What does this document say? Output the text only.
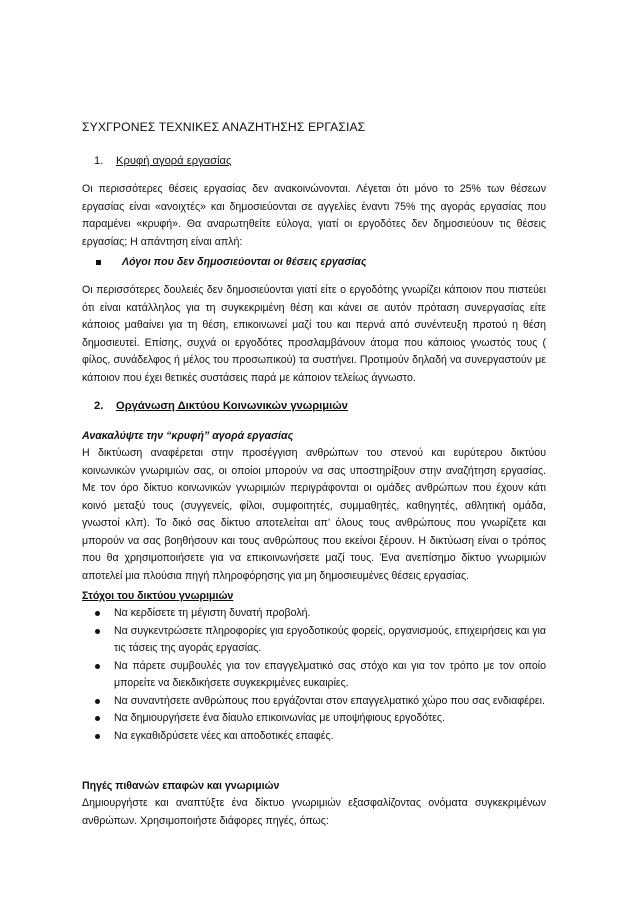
ΣΥΧΓΡΟΝΕΣ ΤΕΧΝΙΚΕΣ ΑΝΑΖΗΤΗΣΗΣ ΕΡΓΑΣΙΑΣ
1. Κρυφή αγορά εργασίας

Οι περισσότερες θέσεις εργασίας δεν ανακοινώνονται. Λέγεται ότι μόνο το 25% των θέσεων εργασίας είναι «ανοιχτές» και δημοσιεύονται σε αγγελίες έναντι 75% της αγοράς εργασίας που παραμένει «κρυφή». Θα αναρωτηθείτε εύλογα, γιατί οι εργοδότες δεν δημοσιεύουν τις θέσεις εργασίας; Η απάντηση είναι απλή:

Λόγοι που δεν δημοσιεύονται οι θέσεις εργασίας

Οι περισσότερες δουλειές δεν δημοσιεύονται γιατί είτε ο εργοδότης γνωρίζει κάποιον που πιστεύει ότι είναι κατάλληλος για τη συγκεκριμένη θέση και κάνει σε αυτόν πρόταση συνεργασίας είτε κάποιος μαθαίνει για τη θέση, επικοινωνεί μαζί του και περνά από συνέντευξη προτού η θέση δημοσιευτεί. Επίσης, συχνά οι εργοδότες προσλαμβάνουν άτομα που κάποιος γνωστός τους ( φίλος, συνάδελφος ή μέλος του προσωπικού) τα συστήνει. Προτιμούν δηλαδή να συνεργαστούν με κάποιον που έχει θετικές συστάσεις παρά με κάποιον τελείως άγνωστο.

2. Οργάνωση Δικτύου Κοινωνικών γνωριμιών
Ανακαλύψτε την “κρυφή” αγορά εργασίας

Η δικτύωση αναφέρεται στην προσέγγιση ανθρώπων του στενού και ευρύτερου δικτύου κοινωνικών γνωριμιών σας, οι οποίοι μπορούν να σας υποστηρίξουν στην αναζήτηση εργασίας. Με τον όρο δίκτυο κοινωνικών γνωριμιών περιγράφονται οι ομάδες ανθρώπων που έχουν κάτι κοινό μεταξύ τους (συγγενείς, φίλοι, συμφοιτητές, συμμαθητές, καθηγητές, αθλητική ομάδα, γνωστοί κλπ). Το δικό σας δίκτυο αποτελείται απ’ όλους τους ανθρώπους που γνωρίζετε και μπορούν να σας βοηθήσουν και τους ανθρώπους που εκείνοι ξέρουν. Η δικτύωση είναι ο τρόπος που θα χρησιμοποιήσετε για να επικοινωνήσετε μαζί τους. Ένα ανεπίσημο δίκτυο γνωριμιών αποτελεί μια πλούσια πηγή πληροφόρησης για μη δημοσιευμένες θέσεις εργασίας.

Στόχοι του δικτύου γνωριμιών
Να κερδίσετε τη μέγιστη δυνατή προβολή.
Να συγκεντρώσετε πληροφορίες για εργοδοτικούς φορείς, οργανισμούς, επιχειρήσεις και για τις τάσεις της αγοράς εργασίας.
Να πάρετε συμβουλές για τον επαγγελματικό σας στόχο και για τον τρόπο με τον οποίο μπορείτε να διεκδικήσετε συγκεκριμένες ευκαιρίες.
Να συναντήσετε ανθρώπους που εργάζονται στον επαγγελματικό χώρο που σας ενδιαφέρει.
Να δημιουργήσετε ένα δίαυλο επικοινωνίας με υποψήφιους εργοδότες.
Να εγκαθιδρύσετε νέες και αποδοτικές επαφές.
Πηγές πιθανών επαφών και γνωριμιών

Δημιουργήστε και αναπτύξτε ένα δίκτυο γνωριμιών εξασφαλίζοντας ονόματα συγκεκριμένων ανθρώπων. Χρησιμοποιήστε διάφορες πηγές, όπως:
